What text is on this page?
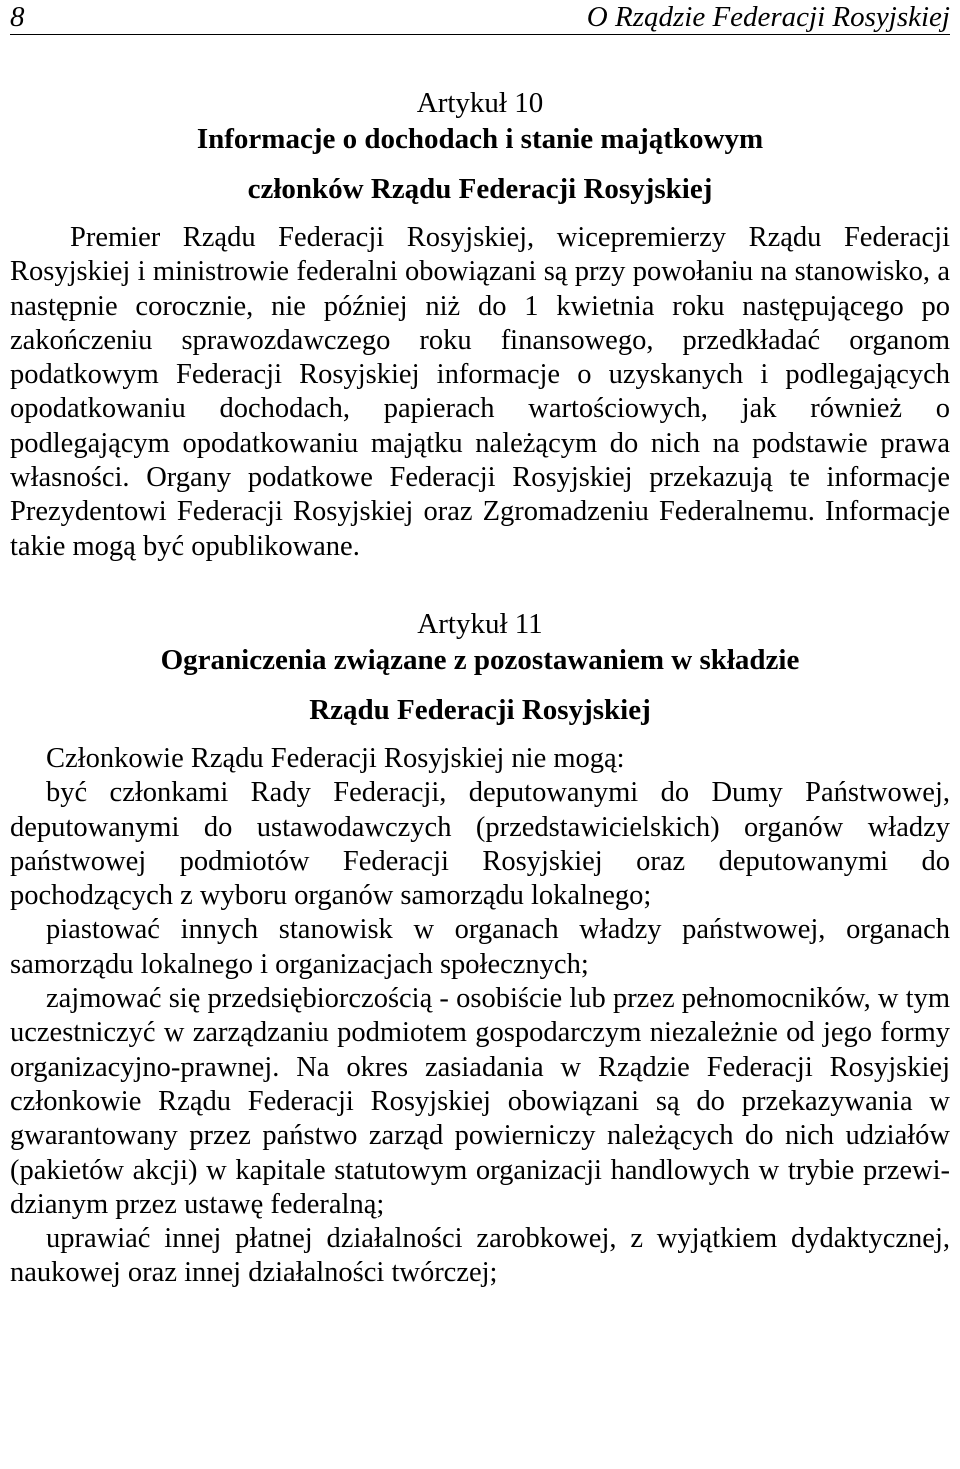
8	O Rządzie Federacji Rosyjskiej

Artykuł 10

Informacje o dochodach i stanie majątkowym

członków Rządu Federacji Rosyjskiej

Premier Rządu Federacji Rosyjskiej, wicepremierzy Rządu Federacji Rosyjskiej i ministrowie federalni obowiązani są przy powołaniu na stanowisko, a następnie corocznie, nie później niż do 1 kwietnia roku następującego po zakończeniu sprawozdawczego roku finansowego, przedkładać organom podatkowym Federacji Rosyjskiej informacje o uzyskanych i podlegających opodatkowaniu dochodach, papierach wartościowych, jak również o podlegającym opodatkowaniu majątku należącym do nich na podstawie prawa własności. Organy podatkowe Federacji Rosyjskiej przekazują te informacje Prezydentowi Federacji Rosyjskiej oraz Zgromadzeniu Federalnemu. Informacje takie mogą być opublikowane.

Artykuł 11

Ograniczenia związane z pozostawaniem w składzie

Rządu Federacji Rosyjskiej

Członkowie Rządu Federacji Rosyjskiej nie mogą:

być członkami Rady Federacji, deputowanymi do Dumy Państwowej, deputowanymi do ustawodawczych (przedstawicielskich) organów władzy państwowej podmiotów Federacji Rosyjskiej oraz deputowanymi do pochodzących z wyboru organów samorządu lokalnego;

piastować innych stanowisk w organach władzy państwowej, organach samorządu lokalnego i organizacjach społecznych;

zajmować się przedsiębiorczością - osobiście lub przez pełnomocników, w tym uczestniczyć w zarządzaniu podmiotem gospodarczym niezależnie od jego formy organizacyjno-prawnej. Na okres zasiadania w Rządzie Federacji Rosyjskiej członkowie Rządu Federacji Rosyjskiej obowiązani są do przekazywania w gwarantowany przez państwo zarząd powierniczy należących do nich udziałów (pakietów akcji) w kapitale statutowym organizacji handlowych w trybie przewidzianym przez ustawę federalną;

uprawiać innej płatnej działalności zarobkowej, z wyjątkiem dydaktycznej, naukowej oraz innej działalności twórczej;
